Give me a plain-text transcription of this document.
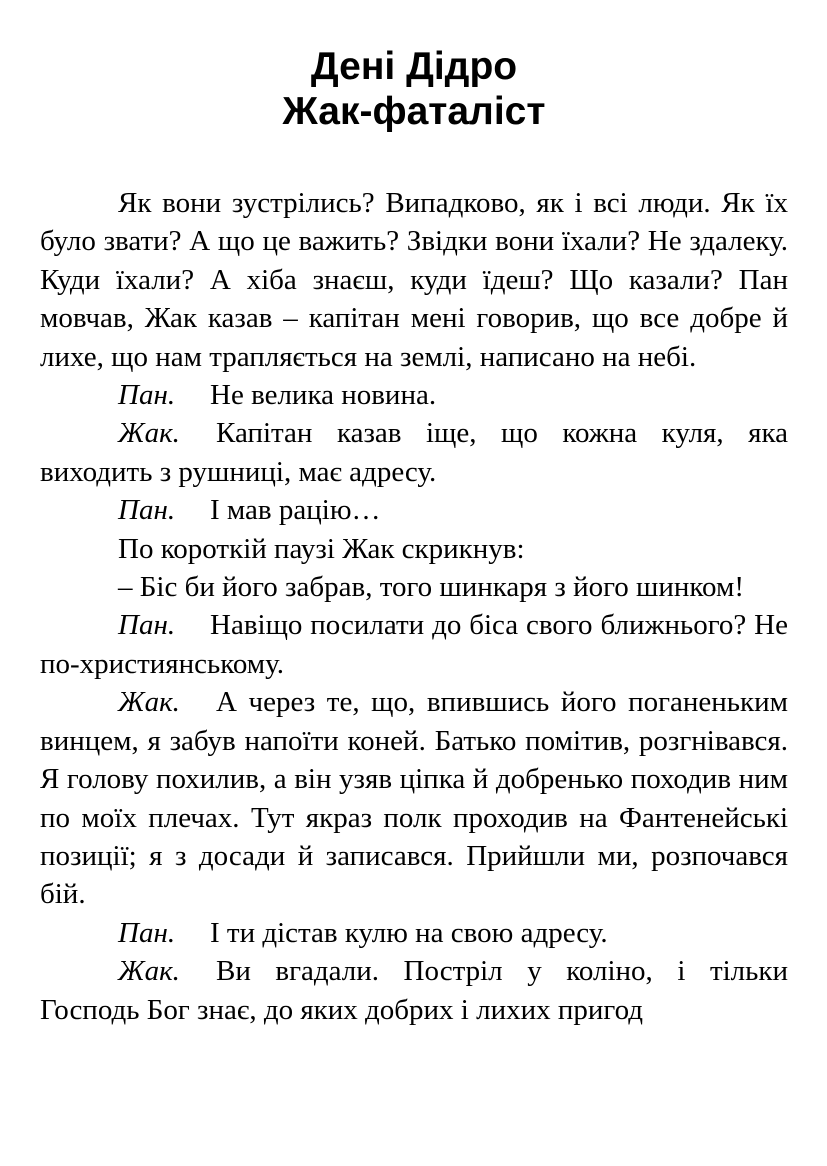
Дені Дідро
Жак-фаталіст

Як вони зустрілись? Випадково, як і всі люди. Як їх було звати? А що це важить? Звідки вони їхали? Не здалеку. Куди їхали? А хіба знаєш, куди їдеш? Що казали? Пан мовчав, Жак казав – капітан мені говорив, що все добре й лихе, що нам трапляється на землі, написано на небі.

Пан. Не велика новина.

Жак. Капітан казав іще, що кожна куля, яка виходить з рушниці, має адресу.

Пан. І мав рацію…

По короткій паузі Жак скрикнув:

– Біс би його забрав, того шинкаря з його шинком!

Пан. Навіщо посилати до біса свого ближнього? Не по-християнському.

Жак. А через те, що, впившись його поганеньким винцем, я забув напоїти коней. Батько помітив, розгнівався. Я голову похилив, а він узяв ціпка й добренько походив ним по моїх плечах. Тут якраз полк проходив на Фантенейські позиції; я з досади й записався. Прийшли ми, розпочався бій.

Пан. І ти дістав кулю на свою адресу.

Жак. Ви вгадали. Постріл у коліно, і тільки Господь Бог знає, до яких добрих і лихих пригод
